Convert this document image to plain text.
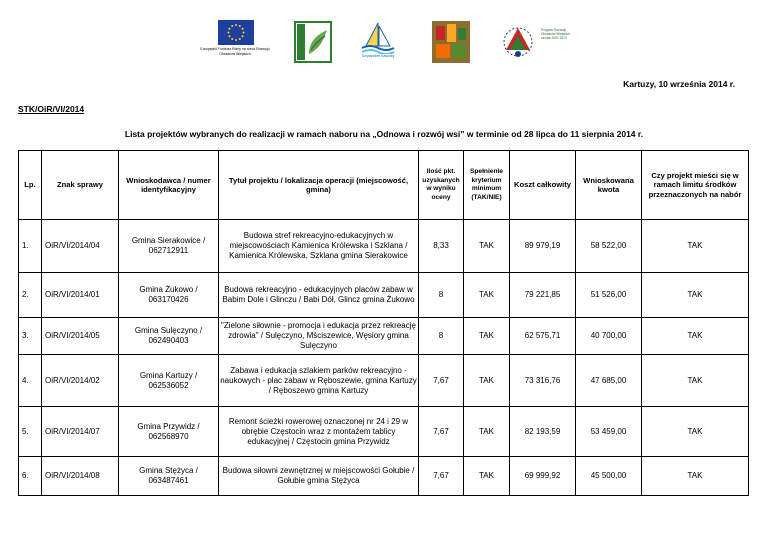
Europejski Fundusz Rolny na rzecz Rozwoju Obszarów Wiejskich
Turystyczne Kaszuby
Program Rozwoju Obszarów Wiejskich na lata 2007-2013
Kartuzy, 10 września 2014 r.
STK/OiR/VI/2014
Lista projektów wybranych do realizacji w ramach naboru na „Odnowa i rozwój wsi” w terminie od 28 lipca do 11 sierpnia 2014 r.
Lp.	Znak sprawy	Wnioskodawca / numer identyfikacyjny	Tytuł projektu / lokalizacja operacji (miejscowość, gmina)	Ilość pkt. uzyskanych w wyniku oceny	Spełnienie kryterium minimum (TAK/NIE)	Koszt całkowity	Wnioskowana kwota	Czy projekt mieści się w ramach limitu środków przeznaczonych na nabór
1.	OiR/VI/2014/04	Gmina Sierakowice / 062712911	Budowa stref rekreacyjno-edukacyjnych w miejscowościach Kamienica Królewska i Szklana / Kamienica Królewska, Szklana gmina Sierakowice	8,33	TAK	89 979,19	58 522,00	TAK
2.	OiR/VI/2014/01	Gmina Żukowo / 063170426	Budowa rekreacyjno - edukacyjnych placów zabaw w Babim Dole i Glinczu / Babi Dół, Glincz gmina Żukowo	8	TAK	79 221,85	51 526,00	TAK
3.	OiR/VI/2014/05	Gmina Sulęczyno / 062490403	"Zielone siłownie - promocja i edukacja przez rekreację zdrowia" / Sulęczyno, Mściszewice, Węsiory gmina Sulęczyno	8	TAK	62 575,71	40 700,00	TAK
4.	OiR/VI/2014/02	Gmina Kartuzy / 062536052	Zabawa i edukacja szlakiem parków rekreacyjno - naukowych - plac zabaw w Ręboszewie, gmina Kartuzy / Ręboszewo gmina Kartuzy	7,67	TAK	73 316,76	47 685,00	TAK
5.	OiR/VI/2014/07	Gmina Przywidz / 062568970	Remont ścieżki rowerowej oznaczonej nr 24 i 29 w obrębie Częstocin wraz z montażem tablicy edukacyjnej / Częstocin gmina Przywidz	7,67	TAK	82 193,59	53 459,00	TAK
6.	OiR/VI/2014/08	Gmina Stężyca / 063487461	Budowa siłowni zewnętrznej w miejscowości Gołubie / Gołubie gmina Stężyca	7,67	TAK	69 999,92	45 500,00	TAK
